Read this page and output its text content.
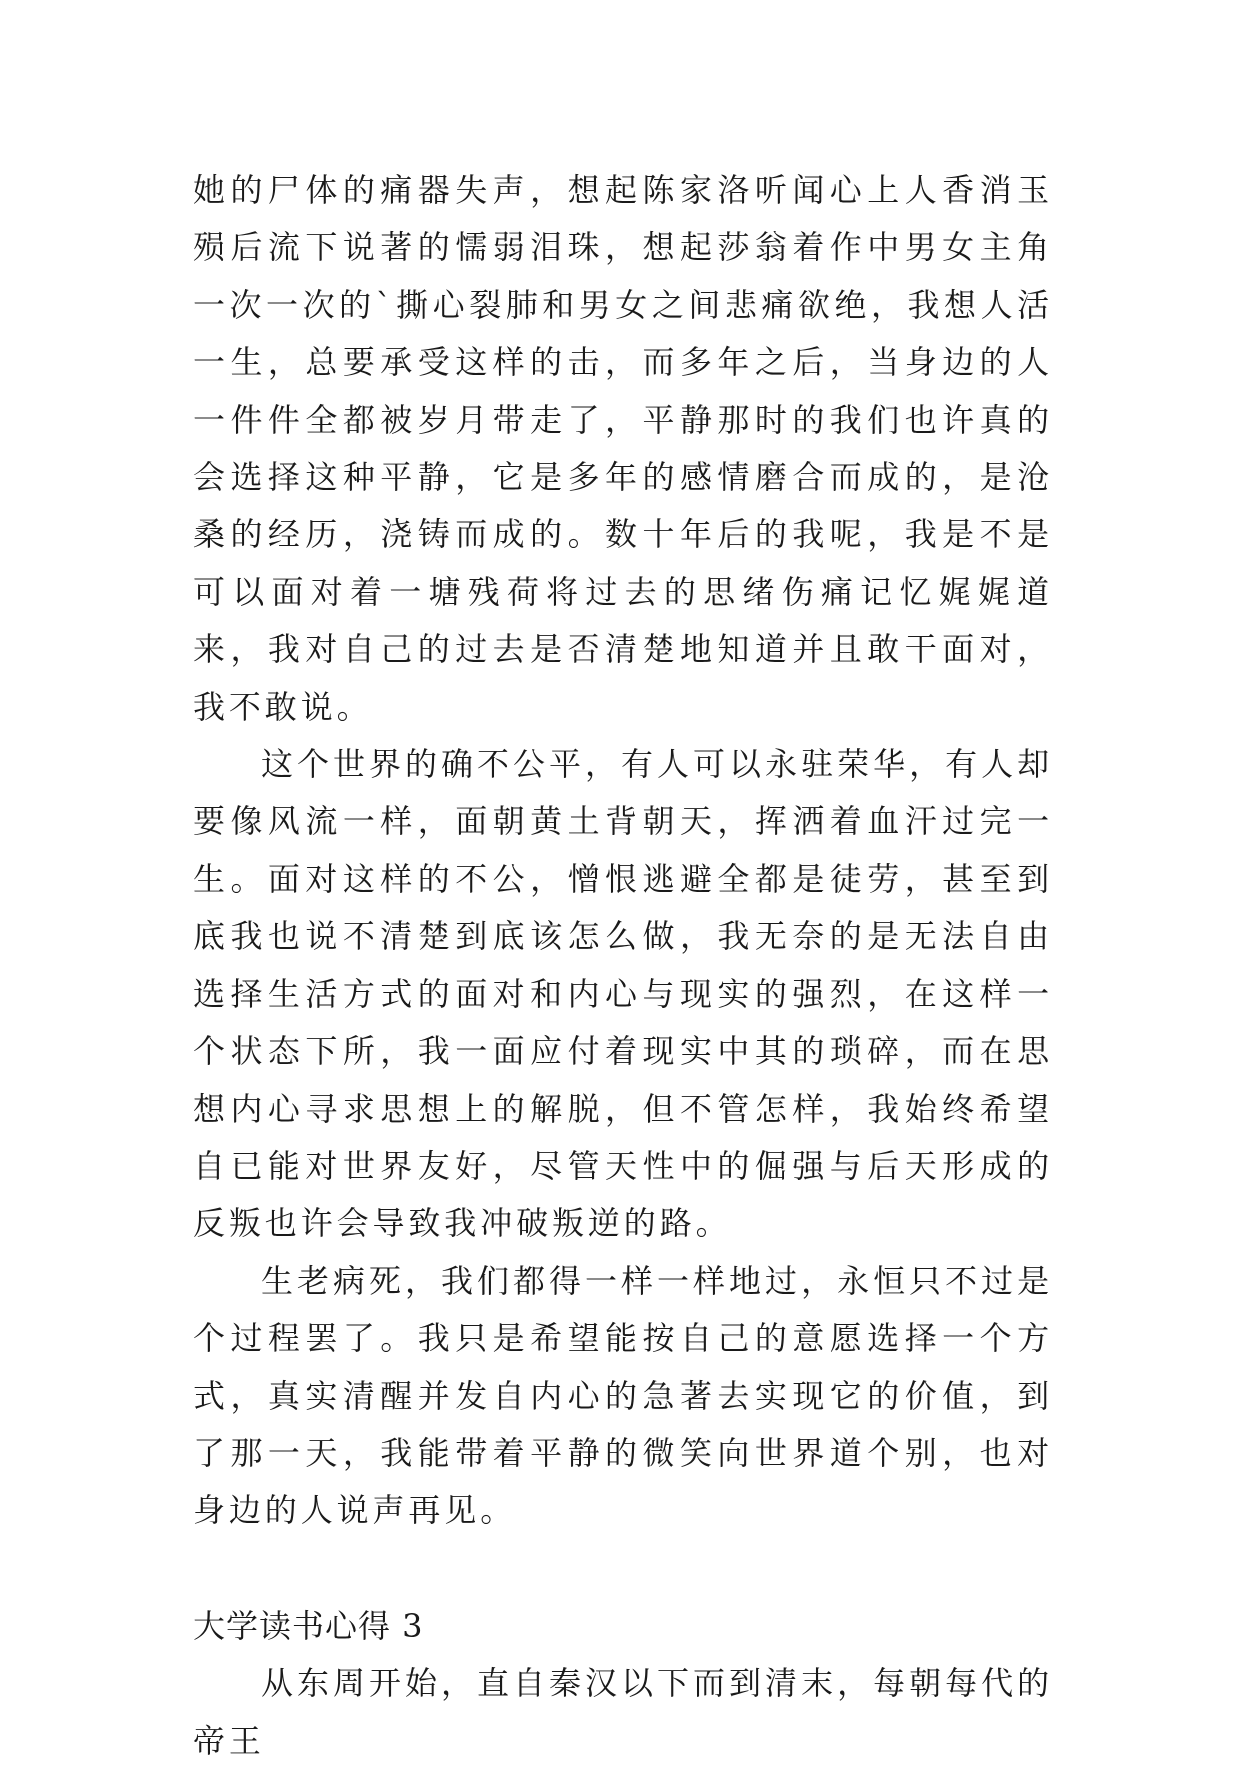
她的尸体的痛器失声，想起陈家洛听闻心上人香消玉殒后流下说著的懦弱泪珠，想起莎翁着作中男女主角一次一次的`撕心裂肺和男女之间悲痛欲绝，我想人活一生，总要承受这样的击，而多年之后，当身边的人一件件全都被岁月带走了，平静那时的我们也许真的会选择这种平静，它是多年的感情磨合而成的，是沧桑的经历，浇铸而成的。数十年后的我呢，我是不是可以面对着一塘残荷将过去的思绪伤痛记忆娓娓道来，我对自己的过去是否清楚地知道并且敢干面对，我不敢说。

这个世界的确不公平，有人可以永驻荣华，有人却要像风流一样，面朝黄土背朝天，挥洒着血汗过完一生。面对这样的不公，憎恨逃避全都是徒劳，甚至到底我也说不清楚到底该怎么做，我无奈的是无法自由选择生活方式的面对和内心与现实的强烈，在这样一个状态下所，我一面应付着现实中其的琐碎，而在思想内心寻求思想上的解脱，但不管怎样，我始终希望自已能对世界友好，尽管天性中的倔强与后天形成的反叛也许会导致我冲破叛逆的路。

生老病死，我们都得一样一样地过，永恒只不过是个过程罢了。我只是希望能按自己的意愿选择一个方式，真实清醒并发自内心的急著去实现它的价值，到了那一天，我能带着平静的微笑向世界道个别，也对身边的人说声再见。

大学读书心得 3

从东周开始，直自秦汉以下而到清末，每朝每代的帝王
